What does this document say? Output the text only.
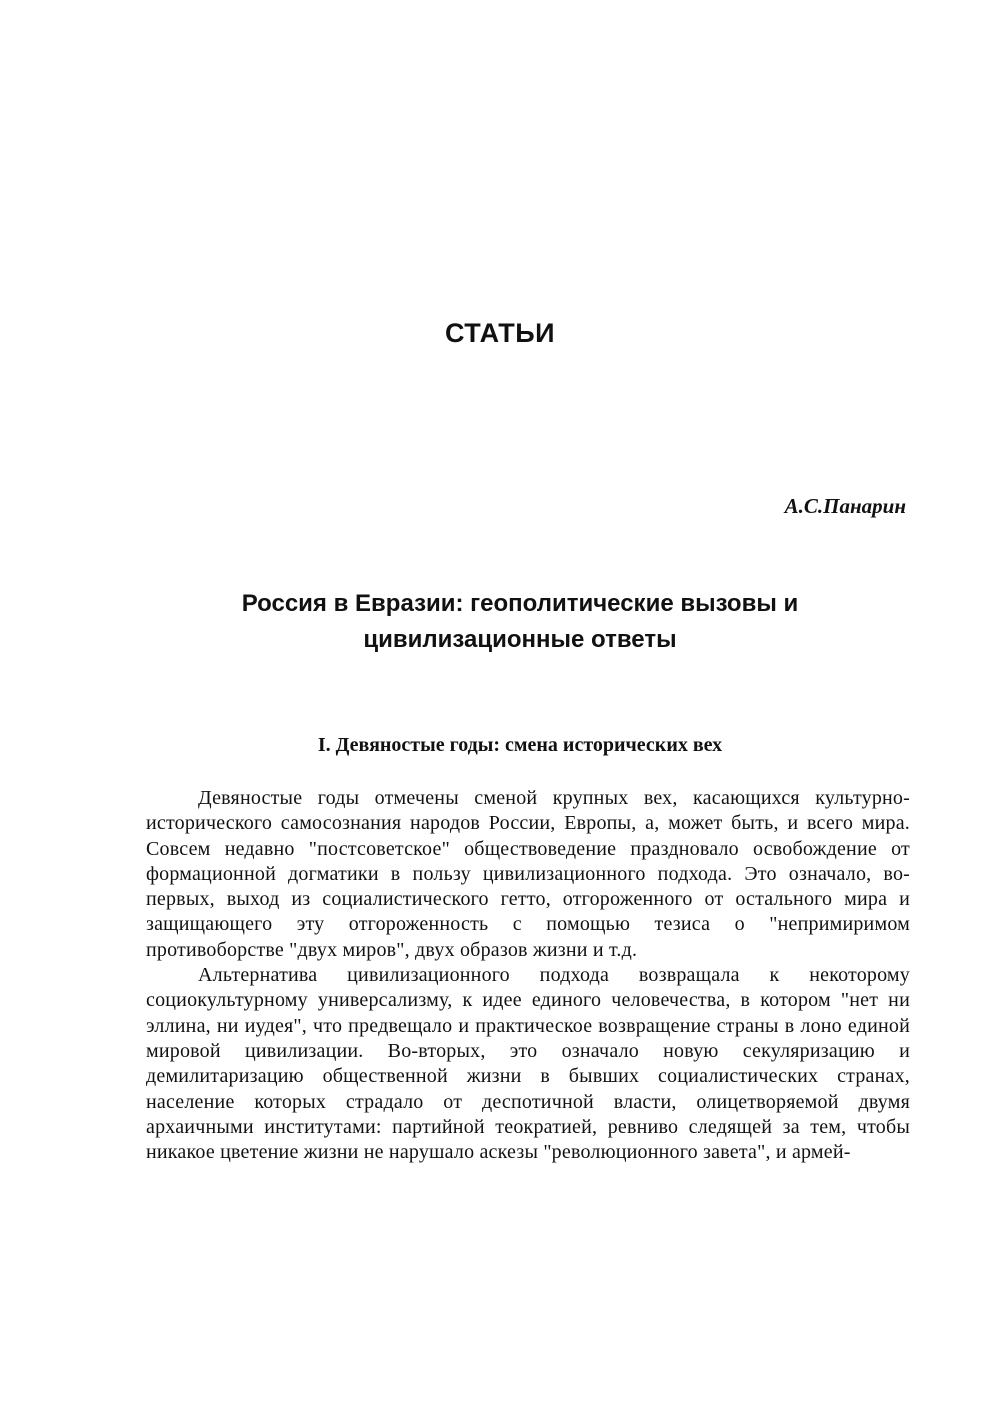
СТАТЬИ

А.С.Панарин

Россия в Евразии: геополитические вызовы и
цивилизационные ответы
I. Девяностые годы: смена исторических вех

Девяностые годы отмечены сменой крупных вех, касающихся культурно-исторического самосознания народов России, Европы, а, может быть, и всего мира. Совсем недавно "постсоветское" обществоведение праздновало освобождение от формационной догматики в пользу цивилизационного подхода. Это означало, во-первых, выход из социалистического гетто, отгороженного от остального мира и защищающего эту отгороженность с помощью тезиса о "непримиримом противоборстве "двух миров", двух образов жизни и т.д.

Альтернатива цивилизационного подхода возвращала к некоторому социокультурному универсализму, к идее единого человечества, в котором "нет ни эллина, ни иудея", что предвещало и практическое возвращение страны в лоно единой мировой цивилизации. Во-вторых, это означало новую секуляризацию и демилитаризацию общественной жизни в бывших социалистических странах, население которых страдало от деспотичной власти, олицетворяемой двумя архаичными институтами: партийной теократией, ревниво следящей за тем, чтобы никакое цветение жизни не нарушало аскезы "революционного завета", и армей-
